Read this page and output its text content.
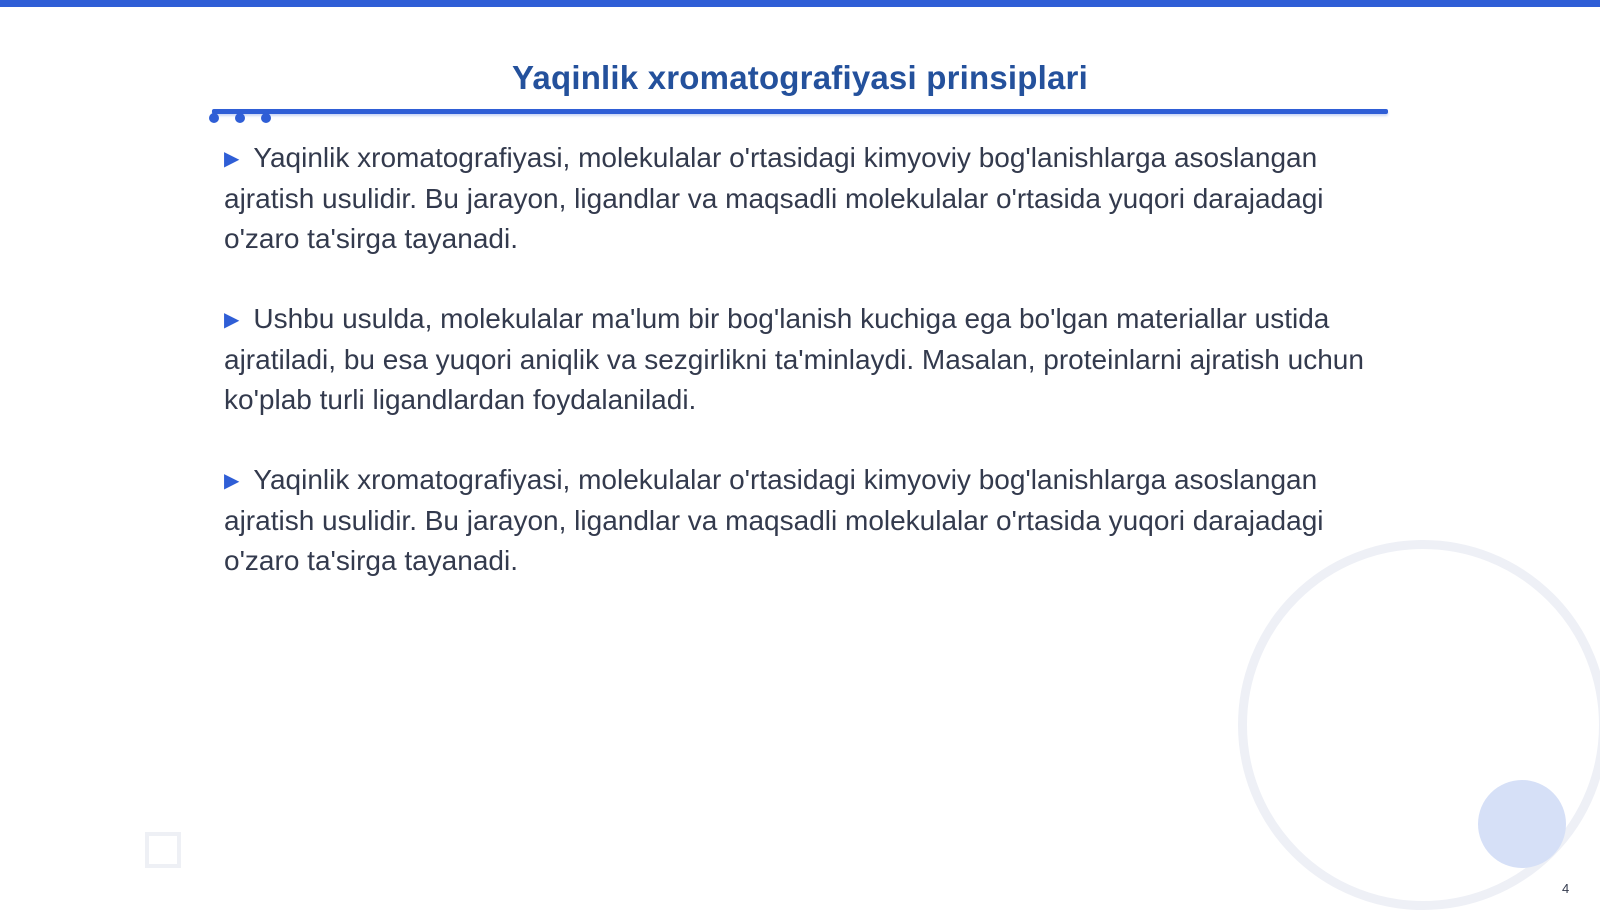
Yaqinlik xromatografiyasi prinsiplari

▶ Yaqinlik xromatografiyasi, molekulalar o'rtasidagi kimyoviy bog'lanishlarga asoslangan ajratish usulidir. Bu jarayon, ligandlar va maqsadli molekulalar o'rtasida yuqori darajadagi o'zaro ta'sirga tayanadi.

▶ Ushbu usulda, molekulalar ma'lum bir bog'lanish kuchiga ega bo'lgan materiallar ustida ajratiladi, bu esa yuqori aniqlik va sezgirlikni ta'minlaydi. Masalan, proteinlarni ajratish uchun ko'plab turli ligandlardan foydalaniladi.

▶ Yaqinlik xromatografiyasi, molekulalar o'rtasidagi kimyoviy bog'lanishlarga asoslangan ajratish usulidir. Bu jarayon, ligandlar va maqsadli molekulalar o'rtasida yuqori darajadagi o'zaro ta'sirga tayanadi.

4
